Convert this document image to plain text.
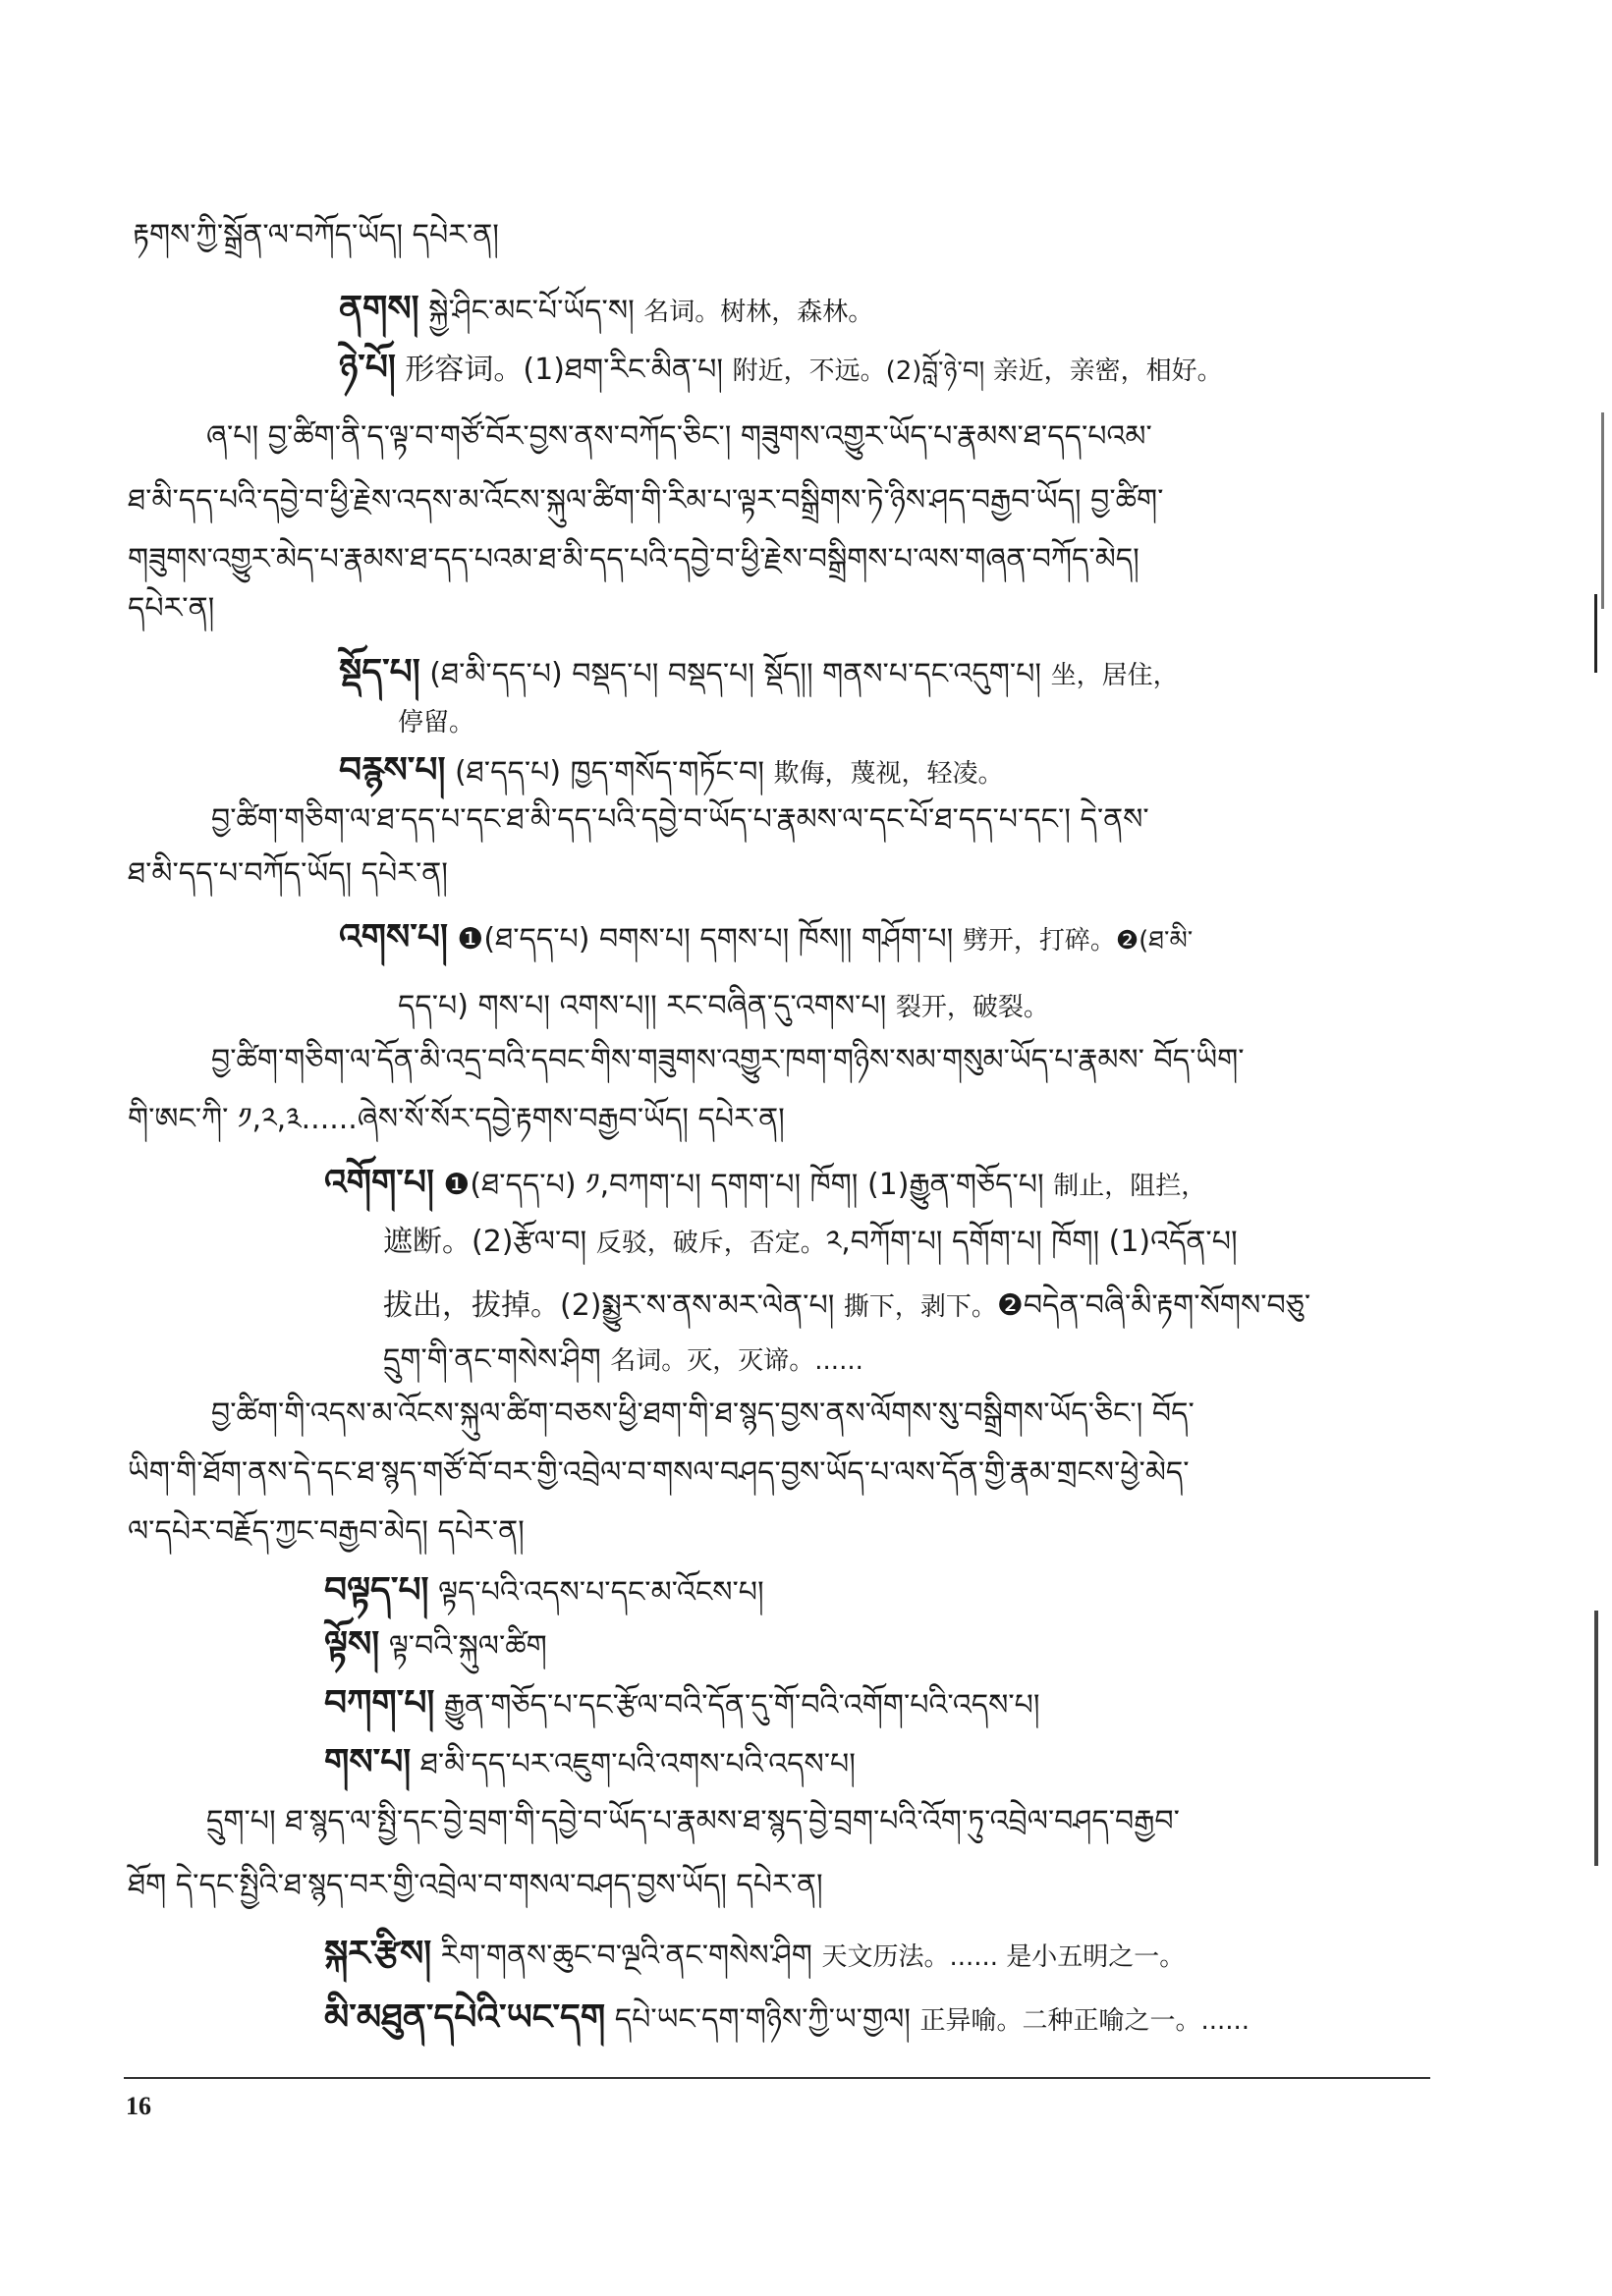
རྟགས་ཀྱི་སྒྲོན་ལ་བཀོད་ཡོད། དཔེར་ན།
ནགས། སྐྱེ་ཤིང་མང་པོ་ཡོད་ས། 名词。树林，森林。
ཉེ་པོ། 形容词。(1)ཐག་རིང་མིན་པ། 附近，不远。(2)བློ་ཉེ་བ། 亲近，亲密，相好。
ཞ་པ། བྱ་ཚིག་ནི་ད་ལྟ་བ་གཙོ་བོར་བྱས་ནས་བཀོད་ཅིང་། གཟུགས་འགྱུར་ཡོད་པ་རྣམས་ཐ་དད་པའམ་
ཐ་མི་དད་པའི་དབྱེ་བ་ཕྱི་རྗེས་འདས་མ་འོངས་སྐུལ་ཚིག་གི་རིམ་པ་ལྟར་བསྒྲིགས་ཏེ་ཉིས་ཤད་བརྒྱབ་ཡོད། བྱ་ཚིག་
གཟུགས་འགྱུར་མེད་པ་རྣམས་ཐ་དད་པའམ་ཐ་མི་དད་པའི་དབྱེ་བ་ཕྱི་རྗེས་བསྒྲིགས་པ་ལས་གཞན་བཀོད་མེད།
དཔེར་ན།
སྡོད་པ། (ཐ་མི་དད་པ) བསྡད་པ། བསྡད་པ། སྡོད།། གནས་པ་དང་འདུག་པ། 坐，居住，
停留。
བརྙས་པ། (ཐ་དད་པ) ཁྱད་གསོད་གཏོང་བ། 欺侮，蔑视，轻凌。
བྱ་ཚིག་གཅིག་ལ་ཐ་དད་པ་དང་ཐ་མི་དད་པའི་དབྱེ་བ་ཡོད་པ་རྣམས་ལ་དང་པོ་ཐ་དད་པ་དང་། དེ་ནས་
ཐ་མི་དད་པ་བཀོད་ཡོད། དཔེར་ན།
འགས་པ། ❶(ཐ་དད་པ) བགས་པ། དགས་པ། ཁོས།། གཤོག་པ། 劈开，打碎。❷(ཐ་མི་
དད་པ) གས་པ། འགས་པ།། རང་བཞིན་དུ་འགས་པ། 裂开，破裂。
བྱ་ཚིག་གཅིག་ལ་དོན་མི་འདྲ་བའི་དབང་གིས་གཟུགས་འགྱུར་ཁག་གཉིས་སམ་གསུམ་ཡོད་པ་རྣམས་ བོད་ཡིག་
གི་ཨང་ཀི་ ༡,༢,༣......ཞེས་སོ་སོར་དབྱེ་རྟགས་བརྒྱབ་ཡོད། དཔེར་ན།
འགོག་པ། ❶(ཐ་དད་པ) ༡,བཀག་པ། དགག་པ། ཁོག། (1)རྒྱུན་གཅོད་པ། 制止，阻拦，
遮断。(2)རྩོལ་བ། 反驳，破斥，否定。༢,བཀོག་པ། དགོག་པ། ཁོག། (1)འདོན་པ།
拔出，拔掉。(2)སྨྱུར་ས་ནས་མར་ལེན་པ། 撕下，剥下。❷བདེན་བཞི་མི་རྟག་སོགས་བཅུ་
དྲུག་གི་ནང་གསེས་ཤིག 名词。灭，灭谛。......
བྱ་ཚིག་གི་འདས་མ་འོངས་སྐུལ་ཚིག་བཅས་ཕྱི་ཐག་གི་ཐ་སྙད་བྱས་ནས་ལོགས་སུ་བསྒྲིགས་ཡོད་ཅིང་། བོད་
ཡིག་གི་ཐོག་ནས་དེ་དང་ཐ་སྙད་གཙོ་བོ་བར་གྱི་འབྲེལ་བ་གསལ་བཤད་བྱས་ཡོད་པ་ལས་དོན་གྱི་རྣམ་གྲངས་ཕྱེ་མེད་
ལ་དཔེར་བརྗོད་ཀྱང་བརྒྱབ་མེད། དཔེར་ན།
བལྟད་པ། ལྟད་པའི་འདས་པ་དང་མ་འོངས་པ།
ལྟོས། ལྟ་བའི་སྐུལ་ཚིག
བཀག་པ། རྒྱུན་གཅོད་པ་དང་རྩོལ་བའི་དོན་དུ་གོ་བའི་འགོག་པའི་འདས་པ།
གས་པ། ཐ་མི་དད་པར་འཇུག་པའི་འགས་པའི་འདས་པ།
དྲུག་པ། ཐ་སྙད་ལ་སྤྱི་དང་བྱེ་བྲག་གི་དབྱེ་བ་ཡོད་པ་རྣམས་ཐ་སྙད་བྱེ་བྲག་པའི་འོག་ཏུ་འབྲེལ་བཤད་བརྒྱབ་
ཐོག དེ་དང་སྤྱིའི་ཐ་སྙད་བར་གྱི་འབྲེལ་བ་གསལ་བཤད་བྱས་ཡོད། དཔེར་ན།
སྐར་རྩིས། རིག་གནས་ཆུང་བ་ལྔའི་ནང་གསེས་ཤིག 天文历法。...... 是小五明之一。
མི་མཐུན་དཔེའི་ཡང་དག དཔེ་ཡང་དག་གཉིས་ཀྱི་ཡ་གྱལ། 正异喻。二种正喻之一。......
16
